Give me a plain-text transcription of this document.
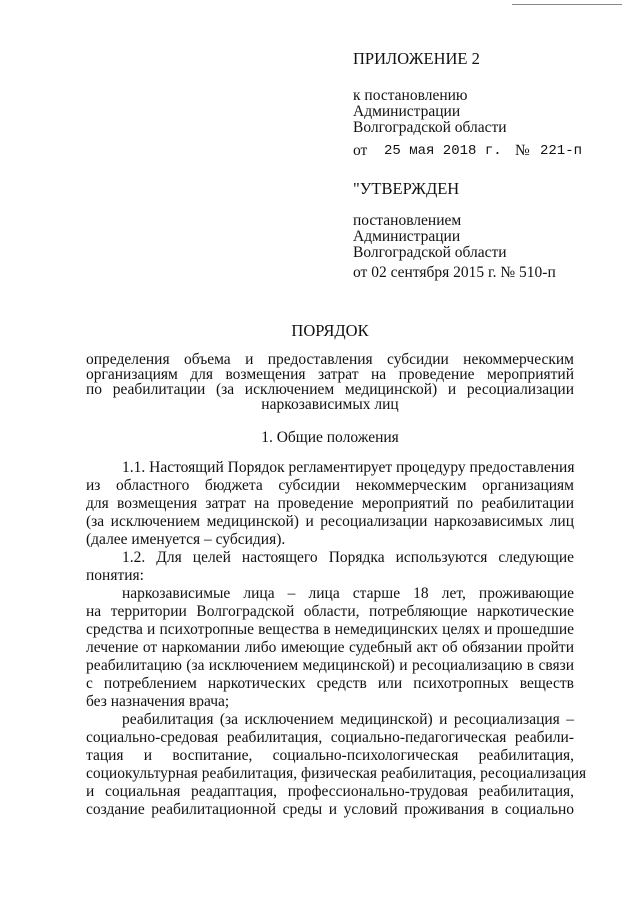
ПРИЛОЖЕНИЕ 2
к постановлению
Администрации
Волгоградской области
от 25 мая 2018 г. № 221-п
"УТВЕРЖДЕН
постановлением
Администрации
Волгоградской области
от 02 сентября 2015 г. № 510-п
ПОРЯДОК
определения объема и предоставления субсидии некоммерческим
организациям для возмещения затрат на проведение мероприятий
по реабилитации (за исключением медицинской) и ресоциализации
наркозависимых лиц
1. Общие положения
1.1. Настоящий Порядок регламентирует процедуру предоставления
из областного бюджета субсидии некоммерческим организациям
для возмещения затрат на проведение мероприятий по реабилитации
(за исключением медицинской) и ресоциализации наркозависимых лиц
(далее именуется – субсидия).
1.2. Для целей настоящего Порядка используются следующие
понятия:
наркозависимые лица – лица старше 18 лет, проживающие
на территории Волгоградской области, потребляющие наркотические
средства и психотропные вещества в немедицинских целях и прошедшие
лечение от наркомании либо имеющие судебный акт об обязании пройти
реабилитацию (за исключением медицинской) и ресоциализацию в связи
с потреблением наркотических средств или психотропных веществ
без назначения врача;
реабилитация (за исключением медицинской) и ресоциализация –
социально-средовая реабилитация, социально-педагогическая реабили-
тация и воспитание, социально-психологическая реабилитация,
социокультурная реабилитация, физическая реабилитация, ресоциализация
и социальная реадаптация, профессионально-трудовая реабилитация,
создание реабилитационной среды и условий проживания в социально
